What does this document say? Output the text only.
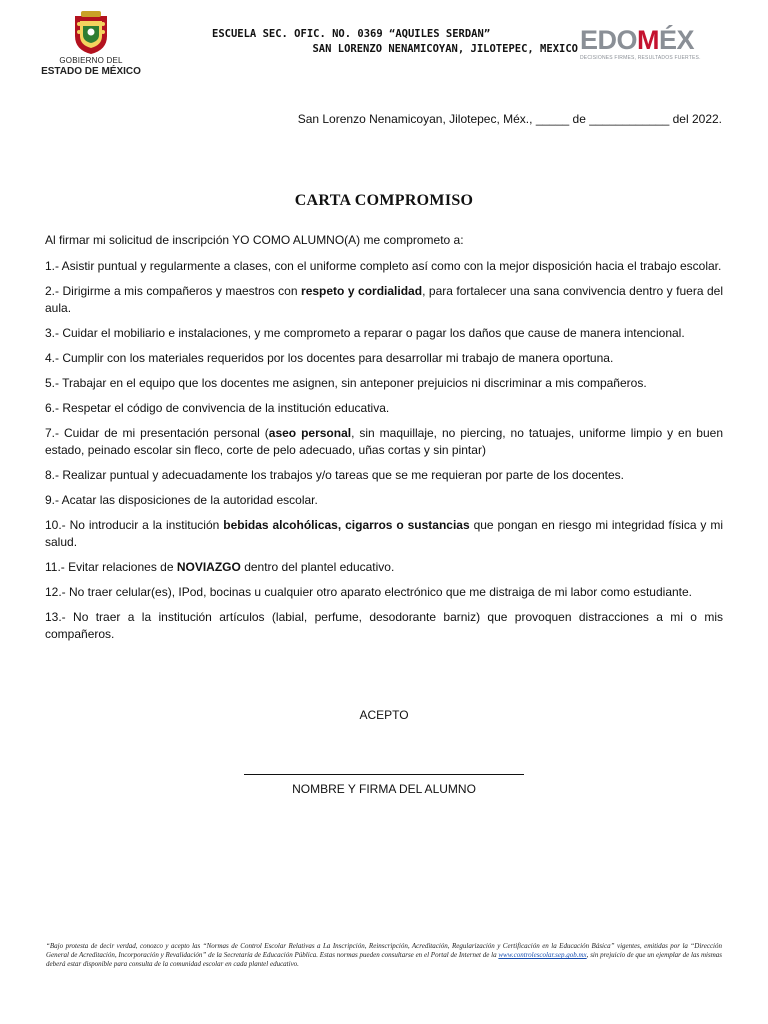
GOBIERNO DEL
ESTADO DE MÉXICO
ESCUELA SEC. OFIC. NO. 0369 “AQUILES SERDAN”
SAN LORENZO NENAMICOYAN, JILOTEPEC, MEXICO EDOMÉX
DECISIONES FIRMES, RESULTADOS FUERTES.
San Lorenzo Nenamicoyan, Jilotepec, Méx., _____ de ____________ del 2022.
CARTA COMPROMISO

Al firmar mi solicitud de inscripción YO COMO ALUMNO(A) me comprometo a:

1.- Asistir puntual y regularmente a clases, con el uniforme completo así como con la mejor disposición hacia el trabajo escolar.

2.- Dirigirme a mis compañeros y maestros con respeto y cordialidad, para fortalecer una sana convivencia dentro y fuera del aula.

3.- Cuidar el mobiliario e instalaciones, y me comprometo a reparar o pagar los daños que cause de manera intencional.

4.- Cumplir con los materiales requeridos por los docentes para desarrollar mi trabajo de manera oportuna.

5.- Trabajar en el equipo que los docentes me asignen, sin anteponer prejuicios ni discriminar a mis compañeros.

6.- Respetar el código de convivencia de la institución educativa.

7.- Cuidar de mi presentación personal (aseo personal, sin maquillaje, no piercing, no tatuajes, uniforme limpio y en buen estado, peinado escolar sin fleco, corte de pelo adecuado, uñas cortas y sin pintar)

8.- Realizar puntual y adecuadamente los trabajos y/o tareas que se me requieran por parte de los docentes.

9.- Acatar las disposiciones de la autoridad escolar.

10.- No introducir a la institución bebidas alcohólicas, cigarros o sustancias que pongan en riesgo mi integridad física y mi salud.

11.- Evitar relaciones de NOVIAZGO dentro del plantel educativo.

12.- No traer celular(es), IPod, bocinas u cualquier otro aparato electrónico que me distraiga de mi labor como estudiante.

13.- No traer a la institución artículos (labial, perfume, desodorante barniz) que provoquen distracciones a mi o mis compañeros.

ACEPTO
NOMBRE Y FIRMA DEL ALUMNO
“Bajo protesta de decir verdad, conozco y acepto las “Normas de Control Escolar Relativas a La Inscripción, Reinscripción, Acreditación, Regularización y Certificación en la Educación Básica” vigentes, emitidas por la “Dirección General de Acreditación, Incorporación y Revalidación” de la Secretaría de Educación Pública. Estas normas pueden consultarse en el Portal de Internet de la www.controlescolar.sep.gob.mx, sin prejuicio de que un ejemplar de las mismas deberá estar disponible para consulta de la comunidad escolar en cada plantel educativo.
